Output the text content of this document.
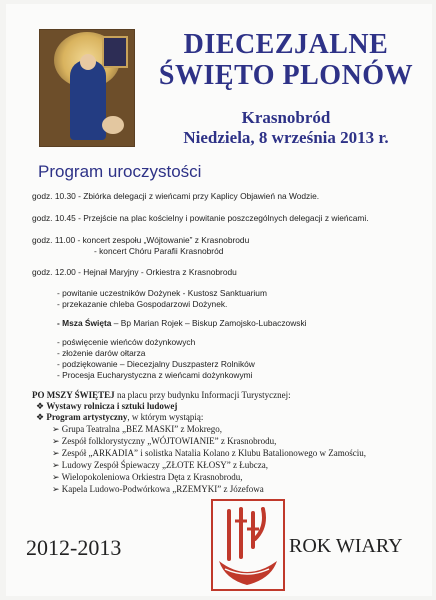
DIECEZJALNE
ŚWIĘTO PLONÓW
Krasnobród
Niedziela, 8 września 2013 r.
Program uroczystości
godz. 10.30 - Zbiórka delegacji z wieńcami przy Kaplicy Objawień na Wodzie.
godz. 10.45 - Przejście na plac kościelny i powitanie poszczególnych delegacji z wieńcami.
godz. 11.00 - koncert zespołu „Wójtowanie” z Krasnobrodu
- koncert Chóru Parafii Krasnobród
godz. 12.00 - Hejnał Maryjny - Orkiestra z Krasnobrodu
- powitanie uczestników Dożynek - Kustosz Sanktuarium
- przekazanie chleba Gospodarzowi Dożynek.
- Msza Święta – Bp Marian Rojek – Biskup Zamojsko-Lubaczowski
- poświęcenie wieńców dożynkowych
- złożenie darów ołtarza
- podziękowanie – Diecezjalny Duszpasterz Rolników
- Procesja Eucharystyczna z wieńcami dożynkowymi
PO MSZY ŚWIĘTEJ na placu przy budynku Informacji Turystycznej:
❖ Wystawy rolnicza i sztuki ludowej
❖ Program artystyczny, w którym wystąpią:
➢ Grupa Teatralna „BEZ MASKI” z Mokrego,
➢ Zespół folklorystyczny „WÓJTOWIANIE” z Krasnobrodu,
➢ Zespół „ARKADIA” i solistka Natalia Kolano z Klubu Batalionowego w Zamościu,
➢ Ludowy Zespół Śpiewaczy „ZŁOTE KŁOSY” z Łubcza,
➢ Wielopokoleniowa Orkiestra Dęta z Krasnobrodu,
➢ Kapela Ludowo-Podwórkowa „RZEMYKI” z Józefowa
2012-2013	ROK WIARY
